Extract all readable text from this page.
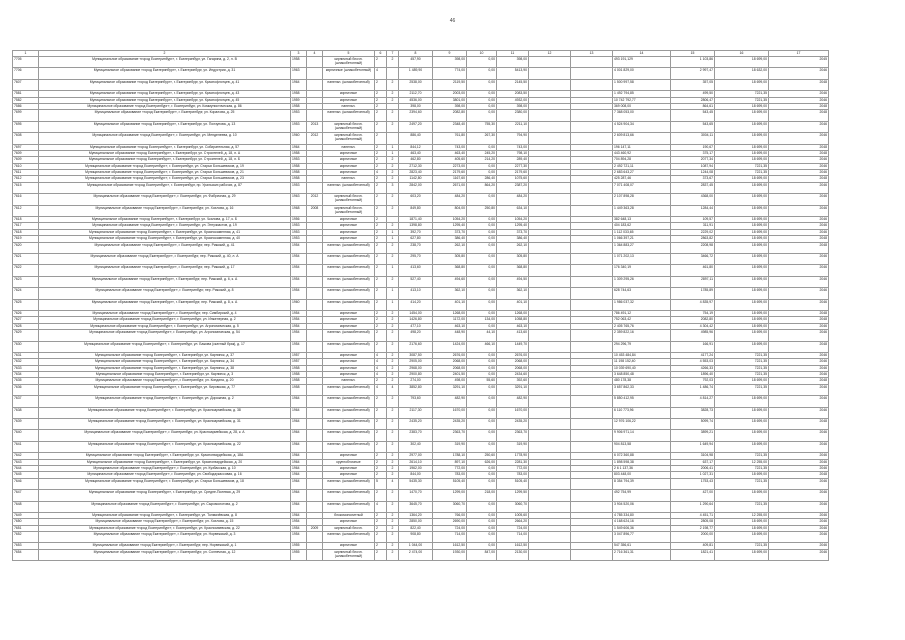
46
1	2	3	4	5	6	7	8	9	10	11	12	13	14	15	16	17
7705	Муниципальное образование «город Екатеринбург», г. Екатеринбург, ул. Гагарина, д. 2, л. В	1958		кирпичный блочн. (шлакобетонный)	2	2	457,90	398,00	0,00	398,00			493 191,129	1 103,86	18 699,00	2045
7706	Муниципальное образование «город Екатеринбург», г. Екатеринбург, ул. Индустрии, д. 31	1963		кирпичные (шлакобетонный)	4		1 489,90	774,00	0,00	5413,90			4 001 829,00	2 997,47	18 632,00	2046
7607	Муниципальное образование «город Екатеринбург», г. Екатеринбург, ул. Краснофлотцев, д. 41	1964		панельн. (шлакобетонный)	2	2	2538,00	2119,50	0,00	2145,50			1 500 997,58	357,05	18 699,00	2048
7581	Муниципальное образование «город Екатеринбург», г. Екатеринбург, ул. Краснофлотцев, д. 43	1958		кирпичные	2	2	2112,70	2003,00	0,00	2083,50			1 492 794,85	499,50	7221,35	2046
7582	Муниципальное образование «город Екатеринбург», г. Екатеринбург, ул. Краснофлотцев, д. 45	1959		кирпичные	2	2	4536,00	3801,00	0,00	4932,00			10 742 792,77	2806,47	7221,35	2046
7586	Муниципальное образование «город Екатеринбург», г. Екатеринбург, ул. Коммунистическая, д. 86	1958		панельн.	2		398,00	398,00	0,00	398,00			369 008,00	864,61	18 699,00	2048
7699	Муниципальное образование «город Екатеринбург», г. Екатеринбург, ул. Коралова, д. 25	1953		панельн. (шлакобетонный)	2	2	2394,60	2082,80	0,00	2380,00			7 368 053,00	543,45	18 699,00	2048
7695	Муниципальное образование «город Екатеринбург», г. Екатеринбург, ул. Ползунова, д. 13	1953	2013	кирпичный блочн. (шлакобетонный)	2	2	2497,20	2348,40	755,30	2211,10			4 524 904,34	543,65	18 699,00	2046
7608	Муниципальное образование «город Екатеринбург», г. Екатеринбург, ул. Менделеева, д. 10	1960	2012	кирпичный блочн. (шлакобетонный)	2		886,40	761,80	267,30	794,90			2 609 813,66	3004,11	18 699,00	2046
7697	Муниципальное образование «город Екатеринбург», г. Екатеринбург, ул. Собирательная, д. 57	1964		панельн.	2	1	844,12	743,00	0,00	743,00			196 147,11	190,67	18 699,00	2048
7609	Муниципальное образование «город Екатеринбург», г. Екатеринбург, ул. Строителей, д. 18, л. А	1958		кирпичные	2	1	463,40	463,40	245,20	798,10			443 460,92	375,17	18 699,00	2048
7609	Муниципальное образование «город Екатеринбург», г. Екатеринбург, ул. Строителей, д. 18, л. Б	1953		кирпичные	2	2	462,80	405,60	214,20	289,40			704 894,28	2077,34	18 699,00	2046
7610	Муниципальное образование «город Екатеринбург», г. Екатеринбург, ул. Старых Большевиков, д. 19	1958		кирпичные	2	2	2712,30	2273,00	0,00	2277,30			2 492 721,11	1087,94	7221,35	2046
7611	Муниципальное образование «город Екатеринбург», г. Екатеринбург, ул. Старых Большевиков, д. 21	1958		кирпичные	4	2	2823,40	2179,60	0,00	2179,60			2 683 643,27	1244,08	7221,35	2046
7612	Муниципальное образование «город Екатеринбург», г. Екатеринбург, ул. Старых Большевиков, д. 23	1958		панельн.	2	2	1142,80	1167,60	286,40	1075,60			425 287,46	373,67	18 699,00	2048
7615	Муниципальное образование «город Екатеринбург», г. Екатеринбург, пр. Уральских рабочих, д. 87	1953		панельн. (шлакобетонный)	2	3	2842,00	2671,00	864,20	2387,20			7 071 408,07	2837,45	18 699,00	2046
7616	Муниципальное образование «город Екатеринбург», г. Екатеринбург, ул. Фабричная, д. 29	1963	2012	кирпичный блочн. (шлакобетонный)	2	2	603,20	484,20	0,00	484,20			2 107 898,28	4368,00	18 699,00	2046
7612	Муниципальное образование «город Екатеринбург», г. Екатеринбург, ул. Хохлова, д. 16	1968	2008	кирпичный блочн. (шлакобетонный)	2	2	849,80	804,00	250,80	634,10			1 449 363,28	1284,44	18 699,00	2046
7618	Муниципальное образование «город Екатеринбург», г. Екатеринбург, ул. Чкалова, д. 17, к. Б	1956		кирпичные	2		1871,40	1054,20	0,00	1054,20			382 648,13	109,57	18 699,00	2046
7617	Муниципальное образование «город Екатеринбург», г. Екатеринбург, ул. Энтузиастов, д. 19	1953		кирпичные	2	2	1398,80	1295,40	0,00	1295,40			404 183,62	311,91	18 699,00	2046
7618	Муниципальное образование «город Екатеринбург», г. Екатеринбург, ул. Краснокаменная, д. 41	1953		кирпичные	2	1	392,70	373,70	0,00	373,70			1 112 033,65	2229,02	18 699,00	2046
7619	Муниципальное образование «город Екатеринбург», г. Екатеринбург, ул. Краснокаменная, д. 40	1953		кирпичные	2	1	627,80	386,40	0,00	386,40			1 066 397,21	2863,82	18 699,00	2048
7620	Муниципальное образование «город Екатеринбург», г. Екатеринбург, пер. Рижский, д. 41	1954		панельн. (шлакобетонный)	2	2	238,70	262,10	0,00	262,10			1 364 883,27	2208,98	18 699,00	2048
7621	Муниципальное образование «город Екатеринбург», г. Екатеринбург, пер. Рижский, д. 40, л. А	1954		панельн. (шлакобетонный)	2	2	295,70	305,80	0,00	305,80			1 071 202,13	3466,72	18 699,00	2046
7622	Муниципальное образование «город Екатеринбург», г. Екатеринбург, пер. Рижский, д. 17	1954		панельн. (шлакобетонный)	2	1	413,60	368,80	0,00	368,80			176 340,19	461,80	18 699,00	2046
7623	Муниципальное образование «город Екатеринбург», г. Екатеринбург, пер. Рижский, д. 6, к. А	1954		панельн. (шлакобетонный)	2	2	527,40	494,60	0,00	494,50			1 309 295,26	2897,11	18 699,00	2046
7624	Муниципальное образование «город Екатеринбург», г. Екатеринбург, пер. Рижский, д. 8	1954		панельн. (шлакобетонный)	2	1	413,10	362,10	0,00	362,10			628 744,63	1785,89	18 699,00	2046
7625	Муниципальное образование «город Екатеринбург», г. Екатеринбург, пер. Рижский, д. 8, к. А	1960		панельн. (шлакобетонный)	2	1	414,20	401,10	0,00	401,10			1 986 037,32	4 835,97	18 699,00	2046
7626	Муниципальное образование «город Екатеринбург», г. Екатеринбург, пер. Симбирский, д. 4	1954		кирпичные	2	2	1454,00	1268,00	0,00	1268,00			786 491,12	754,19	18 699,00	2048
7627	Муниципальное образование «город Екатеринбург», г. Екатеринбург, ул. Инженерная, д. 2	1954		кирпичные	2	2	1426,80	1172,00	134,00	1058,80			752 063,42	2082,80	18 699,00	2048
7628	Муниципальное образование «город Екатеринбург», г. Екатеринбург, ул. Агрономическая, д. 5	1954		кирпичные	2	2	477,10	463,10	0,00	463,10			2 405 765,76	4 304,42	18 699,00	2046
7629	Муниципальное образование «город Екатеринбург», г. Екатеринбург, ул. Агрономическая, д. 54	1954		панельн. (шлакобетонный)	2	2	498,20	448,90	44,10	413,60			2 359 822,16	4985,96	18 699,00	2046
7630	Муниципальное образование «город Екатеринбург», г. Екатеринбург, ул. Бажова (скатный брак), д. 17	1954		панельн. (шлакобетонный)	2	2	2176,60	1424,00	466,10	1449,70			294 296,79	166,91	18 699,00	2048
7631	Муниципальное образование «город Екатеринбург», г. Екатеринбург, ул. Карпинск, д. 37	1957		кирпичные	4	2	3087,50	2676,00	0,00	2676,00			10 453 484,84	4177,24	7221,35	2046
7632	Муниципальное образование «город Екатеринбург», г. Екатеринбург, ул. Карпинск, д. 34	1957		кирпичные	4	2	2905,00	2068,00	0,00	2068,00			11 198 152,40	4 553,03	7221,35	2046
7633	Муниципальное образование «город Екатеринбург», г. Екатеринбург, ул. Карпинск, д. 38	1958		кирпичные	4	2	2968,00	2068,00	0,00	2068,00			10 039 690,40	4266,33	7221,35	2046
7634	Муниципальное образование «город Екатеринбург», г. Екатеринбург, ул. Карпинск, д. 3	1958		кирпичные	4	2	2900,80	2401,50	0,00	2434,60			3 648 850,48	1896,40	7221,35	2046
7635	Муниципальное образование «город Екатеринбург», г. Екатеринбург, ул. Кондина, д. 20	1958		панельн.	2	2	274,00	498,00	55,60	392,60			480 178,38	792,03	18 699,00	2048
7636	Муниципальное образование «город Екатеринбург», г. Екатеринбург, ул. Кировская, д. 77	1958		панельн. (шлакобетонный)	4	4	3852,80	3291,10	0,00	3291,10			3 657 862,33	1 486,74	7221,35	2046
7637	Муниципальное образование «город Екатеринбург», г. Екатеринбург, ул. Дорожная, д. 2	1964		панельн. (шлакобетонный)	2	2	793,60	482,90	0,00	482,90			5 850 412,95	4 814,27	18 699,00	2046
7638	Муниципальное образование «город Екатеринбург», г. Екатеринбург, ул. Красноармейская, д. 38	1964		панельн. (шлакобетонный)	2	2	2117,30	1670,00	0,00	1670,00			6 110 773,96	3828,73	18 699,00	2046
7639	Муниципальное образование «город Екатеринбург», г. Екатеринбург, ул. Красноармейская, д. 31	1964		панельн. (шлакобетонный)	2	2	2435,20	2435,20	0,00	2435,20			12 976 106,22	5099,74	18 699,00	2048
7640	Муниципальное образование «город Екатеринбург», г. Екатеринбург, ул. Красноармейская, д. 28, к. А	1964		панельн. (шлакобетонный)	2	2	2383,70	2363,70	0,00	2363,70			9 906 971,14	3899,21	18 699,00	2046
7641	Муниципальное образование «город Екатеринбург», г. Екатеринбург, ул. Красноармейская, д. 22	1964		панельн. (шлакобетонный)	2	2	302,40	319,90	0,00	319,90			904 813,58	1 649,94	18 699,00	2046
7642	Муниципальное образование «город Екатеринбург», г. Екатеринбург, ул. Красногвардейская, д. 18А	1964		кирпичные	2	2	2977,00	1788,10	250,60	1778,90			6 072 360,88	3104,98	7221,35	2046
7643	Муниципальное образование «город Екатеринбург», г. Екатеринбург, ул. Красногвардейская, д. 20	1964		крупноблочные	2	2	2614,10	897,10	626,00	2281,30			1 898 598,38	637,17	12 255,00	2046
7644	Муниципальное образование «город Екатеринбург», г. Екатеринбург, ул. Кузбасская, д. 10	1964		кирпичные	2	2	1962,00	772,00	0,00	772,00			2 6 1 137,36	2006,41	7221,35	2046
7645	Муниципальное образование «город Екатеринбург», г. Екатеринбург, ул. Свободаукассовая, д. 16	1964		кирпичные	2	2	844,00	783,00	0,00	783,00			803 448,00	1 027,31	18 699,00	2048
7646	Муниципальное образование «город Екатеринбург», г. Екатеринбург, ул. Старых Большевиков, д. 18	1964		панельн. (шлакобетонный)	5	4	5435,30	5105,40	0,00	5105,40			8 354 794,39	1753,43	7221,35	2046
7647	Муниципальное образование «город Екатеринбург», г. Екатеринбург, ул. Средне-Полевая, д. 29	1964		панельн. (шлакобетонный)	2	2	1470,70	1299,00	218,00	1299,50			492 754,99	427,00	18 699,00	2046
7648	Муниципальное образование «город Екатеринбург», г. Екатеринбург, ул. Сыромолотова, д. 2	1964		панельн. (шлакобетонный)	4	2	3645,70	3060,70	0,00	3060,70			3 904 520,06	1 290,64	7221,35	2046
7649	Муниципальное образование «город Екатеринбург», г. Екатеринбург, ул. Толмачёвская, д. 8	1964		блокомонолитный	2	2	1364,20	766,00	0,00	1005,60			4 785 334,80	4 451,71	12 255,00	2046
7650	Муниципальное образование «город Екатеринбург», г. Екатеринбург, ул. Хохлова, д. 15	1954		кирпичные	2	2	2850,00	2690,00	0,00	2664,20			4 168 624,16	2805,08	18 699,00	2046
7651	Муниципальное образование «город Екатеринбург», г. Екатеринбург, ул. Красномаевская, д. 22	1954	2009	кирпичный блочн.	2	2	822,40	724,00	0,00	724,00			1 549 606,36	2 198,77	18 699,00	2046
7652	Муниципальное образование «город Екатеринбург», г. Екатеринбург, ул. Норвежский, д. 3	1954		панельн. (шлакобетонный)	2	2	908,80	714,00	0,00	714,00			3 047 896,77	2000,00	18 699,00	2046
7653	Муниципальное образование «город Екатеринбург», г. Екатеринбург, пер. Норвежский, д. 1	1955		кирпичные	2	2	1 044,00	1612,50	0,00	1612,50			547 356,61	409,81	7221,35	2046
7654	Муниципальное образование «город Екатеринбург», г. Екатеринбург, ул. Солнечная, д. 12	1955		кирпичный блочн. (шлакобетонный)	2	2	2 474,00	1930,00	847,00	2130,00			2 716 361,31	1821,41	18 699,00	2046
